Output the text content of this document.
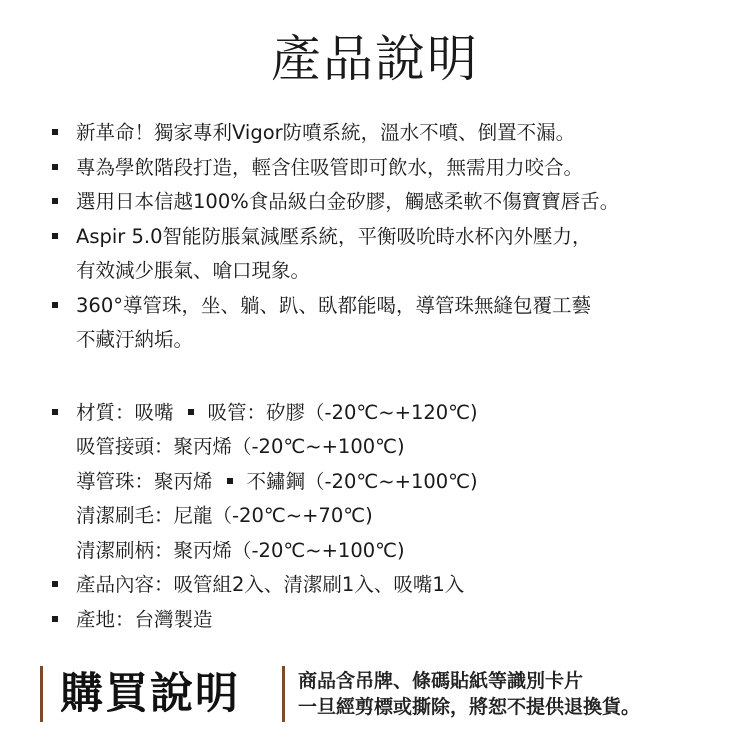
產品說明
新革命！獨家專利Vigor防噴系統，溫水不噴、倒置不漏。
專為學飲階段打造，輕含住吸管即可飲水，無需用力咬合。
選用日本信越100%食品級白金矽膠，觸感柔軟不傷寶寶唇舌。
Aspir 5.0智能防脹氣減壓系統，平衡吸吮時水杯內外壓力，
有效減少脹氣、嗆口現象。
360°導管珠，坐、躺、趴、臥都能喝，導管珠無縫包覆工藝
不藏汙納垢。
材質：吸嘴 吸管：矽膠（-20℃~+120℃)
吸管接頭：聚丙烯（-20℃~+100℃)
導管珠：聚丙烯 不鏽鋼（-20℃~+100℃)
清潔刷毛：尼龍（-20℃~+70℃)
清潔刷柄：聚丙烯（-20℃~+100℃)
產品內容：吸管組2入、清潔刷1入、吸嘴1入
產地：台灣製造
購買說明	商品含吊牌、條碼貼紙等識別卡片
一旦經剪標或撕除，將恕不提供退換貨。
